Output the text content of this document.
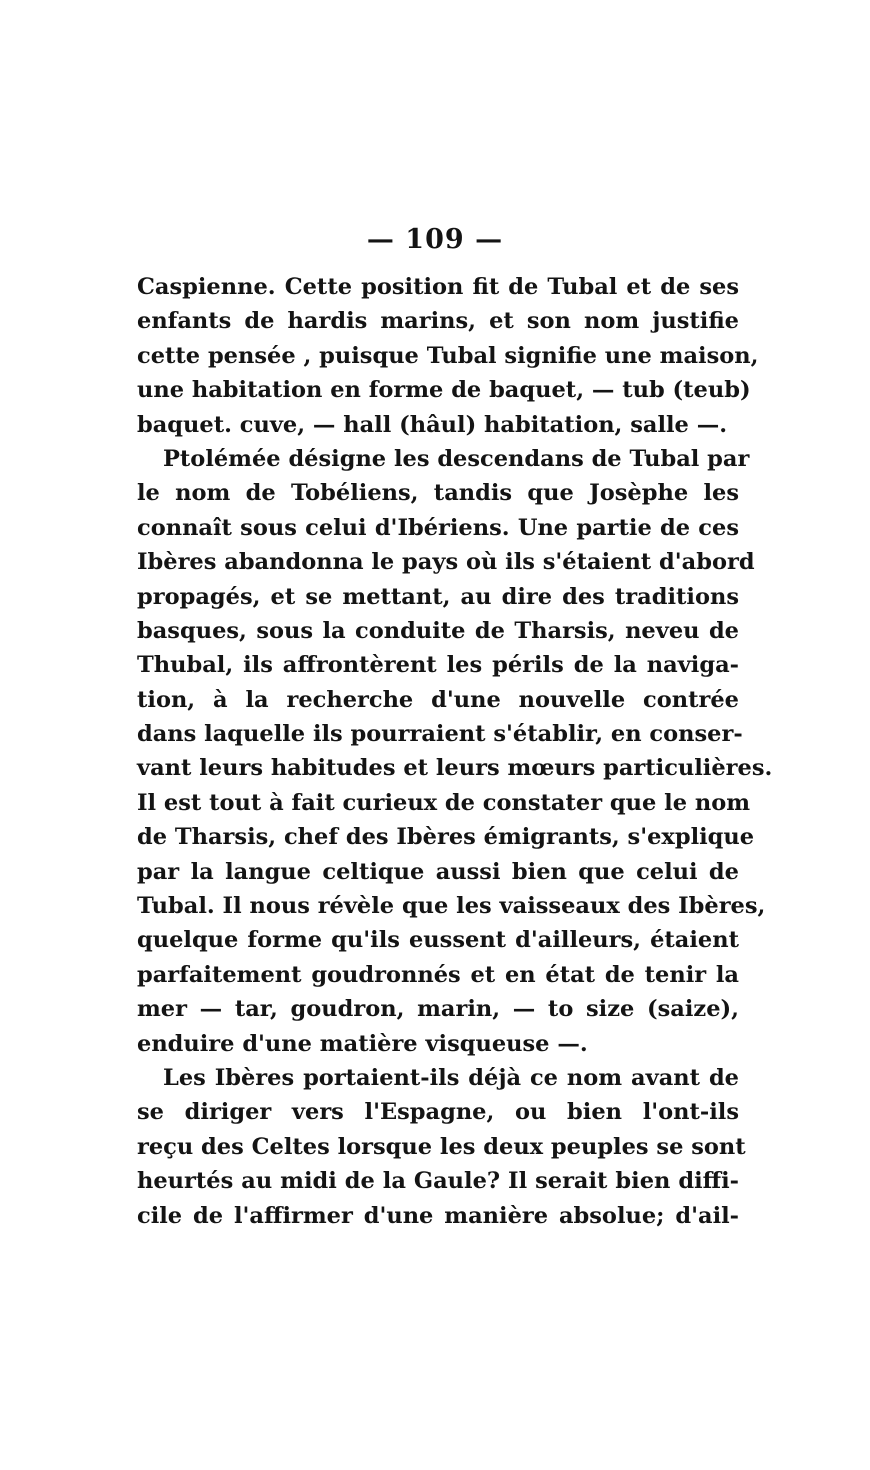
— 109 —
Caspienne. Cette position fit de Tubal et de ses
enfants de hardis marins, et son nom justifie
cette pensée , puisque Tubal signifie une maison,
une habitation en forme de baquet, — tub (teub)
baquet. cuve, — hall (hâul) habitation, salle —.
Ptolémée désigne les descendans de Tubal par
le nom de Tobéliens, tandis que Josèphe les
connaît sous celui d'Ibériens. Une partie de ces
Ibères abandonna le pays où ils s'étaient d'abord
propagés, et se mettant, au dire des traditions
basques, sous la conduite de Tharsis, neveu de
Thubal, ils affrontèrent les périls de la naviga-
tion, à la recherche d'une nouvelle contrée
dans laquelle ils pourraient s'établir, en conser-
vant leurs habitudes et leurs mœurs particulières.
Il est tout à fait curieux de constater que le nom
de Tharsis, chef des Ibères émigrants, s'explique
par la langue celtique aussi bien que celui de
Tubal. Il nous révèle que les vaisseaux des Ibères,
quelque forme qu'ils eussent d'ailleurs, étaient
parfaitement goudronnés et en état de tenir la
mer — tar, goudron, marin, — to size (saize),
enduire d'une matière visqueuse —.
Les Ibères portaient-ils déjà ce nom avant de
se diriger vers l'Espagne, ou bien l'ont-ils
reçu des Celtes lorsque les deux peuples se sont
heurtés au midi de la Gaule? Il serait bien diffi-
cile de l'affirmer d'une manière absolue; d'ail-
